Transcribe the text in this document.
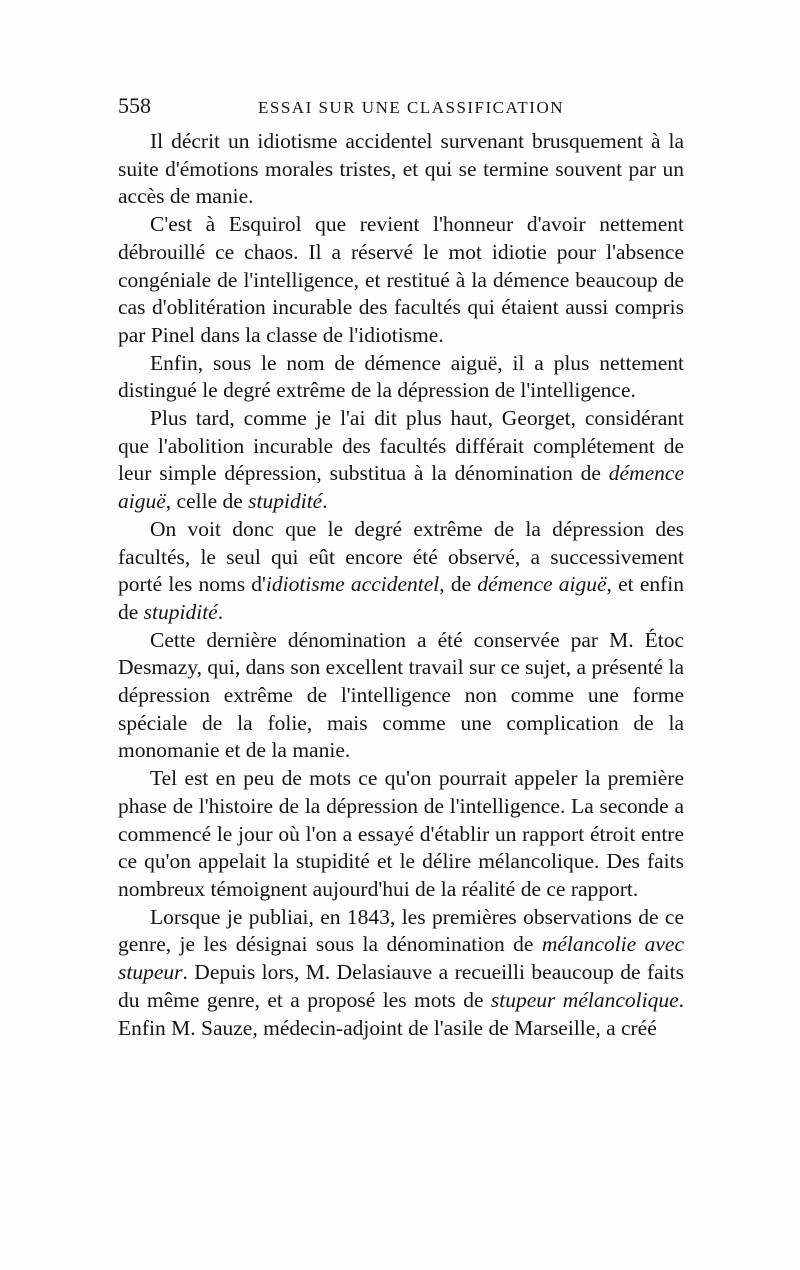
558	ESSAI SUR UNE CLASSIFICATION

Il décrit un idiotisme accidentel survenant brusquement à la suite d'émotions morales tristes, et qui se termine souvent par un accès de manie.

C'est à Esquirol que revient l'honneur d'avoir nettement débrouillé ce chaos. Il a réservé le mot idiotie pour l'absence congéniale de l'intelligence, et restitué à la démence beaucoup de cas d'oblitération incurable des facultés qui étaient aussi compris par Pinel dans la classe de l'idiotisme.

Enfin, sous le nom de démence aiguë, il a plus nettement distingué le degré extrême de la dépression de l'intelligence.

Plus tard, comme je l'ai dit plus haut, Georget, considérant que l'abolition incurable des facultés différait complétement de leur simple dépression, substitua à la dénomination de démence aiguë, celle de stupidité.

On voit donc que le degré extrême de la dépression des facultés, le seul qui eût encore été observé, a successivement porté les noms d'idiotisme accidentel, de démence aiguë, et enfin de stupidité.

Cette dernière dénomination a été conservée par M. Étoc Desmazy, qui, dans son excellent travail sur ce sujet, a présenté la dépression extrême de l'intelligence non comme une forme spéciale de la folie, mais comme une complication de la monomanie et de la manie.

Tel est en peu de mots ce qu'on pourrait appeler la première phase de l'histoire de la dépression de l'intelligence. La seconde a commencé le jour où l'on a essayé d'établir un rapport étroit entre ce qu'on appelait la stupidité et le délire mélancolique. Des faits nombreux témoignent aujourd'hui de la réalité de ce rapport.

Lorsque je publiai, en 1843, les premières observations de ce genre, je les désignai sous la dénomination de mélancolie avec stupeur. Depuis lors, M. Delasiauve a recueilli beaucoup de faits du même genre, et a proposé les mots de stupeur mélancolique. Enfin M. Sauze, médecin-adjoint de l'asile de Marseille, a créé
